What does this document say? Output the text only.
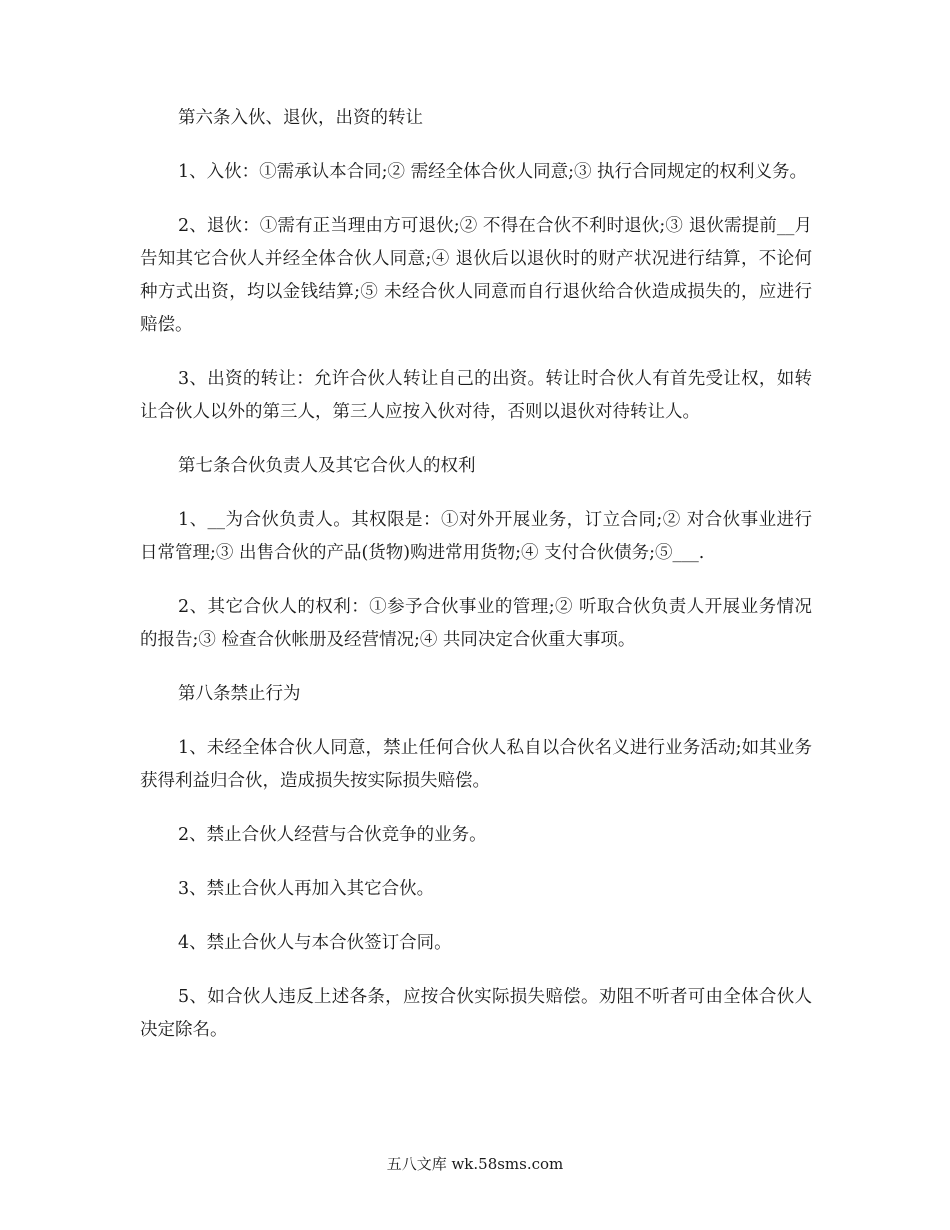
第六条入伙、退伙，出资的转让

1、入伙：①需承认本合同;② 需经全体合伙人同意;③ 执行合同规定的权利义务。

2、退伙：①需有正当理由方可退伙;② 不得在合伙不利时退伙;③ 退伙需提前__月告知其它合伙人并经全体合伙人同意;④ 退伙后以退伙时的财产状况进行结算，不论何种方式出资，均以金钱结算;⑤ 未经合伙人同意而自行退伙给合伙造成损失的，应进行赔偿。

3、出资的转让：允许合伙人转让自己的出资。转让时合伙人有首先受让权，如转让合伙人以外的第三人，第三人应按入伙对待，否则以退伙对待转让人。

第七条合伙负责人及其它合伙人的权利

1、__为合伙负责人。其权限是：①对外开展业务，订立合同;② 对合伙事业进行日常管理;③ 出售合伙的产品(货物)购进常用货物;④ 支付合伙债务;⑤___.

2、其它合伙人的权利：①参予合伙事业的管理;② 听取合伙负责人开展业务情况的报告;③ 检查合伙帐册及经营情况;④ 共同决定合伙重大事项。

第八条禁止行为

1、未经全体合伙人同意，禁止任何合伙人私自以合伙名义进行业务活动;如其业务获得利益归合伙，造成损失按实际损失赔偿。

2、禁止合伙人经营与合伙竞争的业务。

3、禁止合伙人再加入其它合伙。

4、禁止合伙人与本合伙签订合同。

5、如合伙人违反上述各条，应按合伙实际损失赔偿。劝阻不听者可由全体合伙人决定除名。

五八文库 wk.58sms.com
